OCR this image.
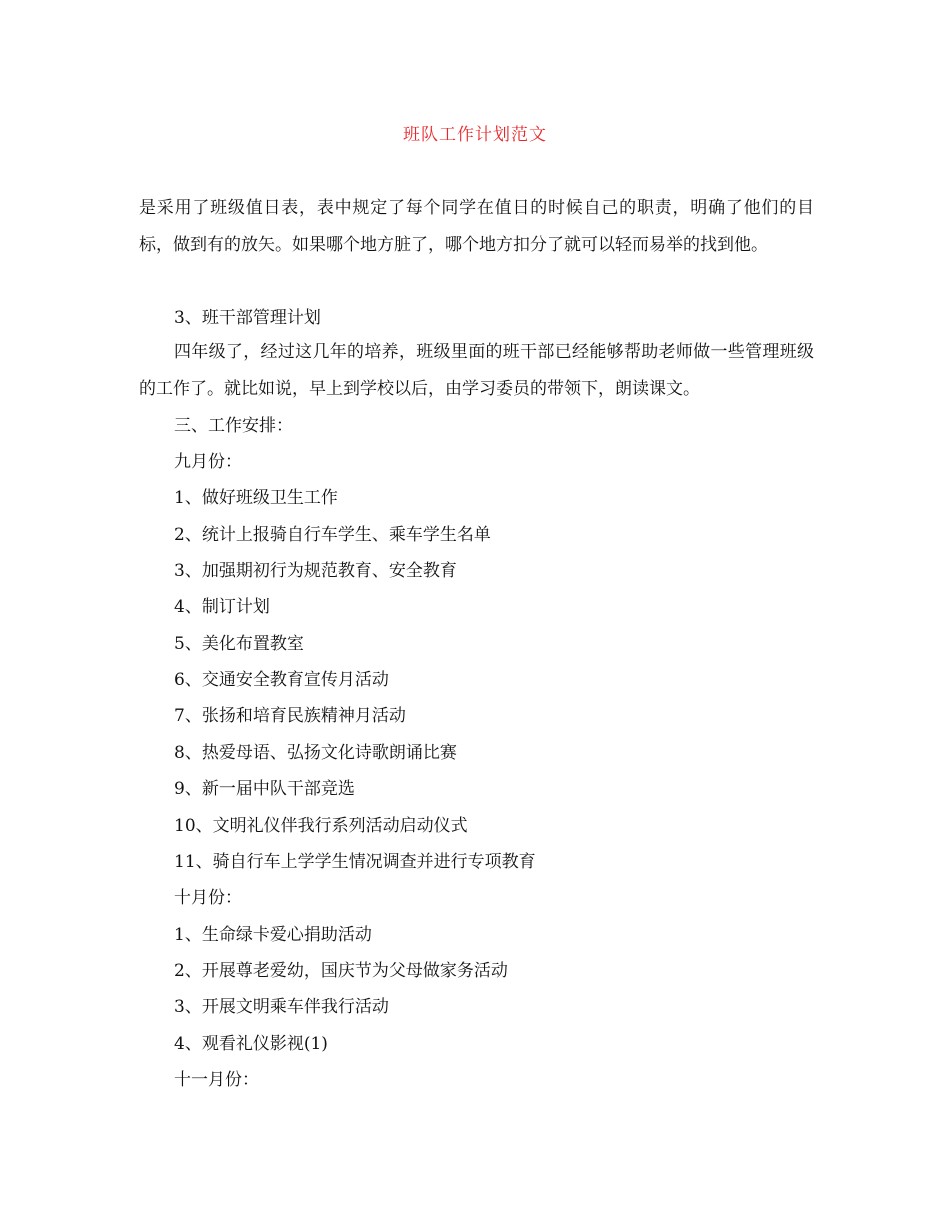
班队工作计划范文

是采用了班级值日表，表中规定了每个同学在值日的时候自己的职责，明确了他们的目标，做到有的放矢。如果哪个地方脏了，哪个地方扣分了就可以轻而易举的找到他。

3、班干部管理计划

四年级了，经过这几年的培养，班级里面的班干部已经能够帮助老师做一些管理班级的工作了。就比如说，早上到学校以后，由学习委员的带领下，朗读课文。

三、工作安排：
九月份：
1、做好班级卫生工作
2、统计上报骑自行车学生、乘车学生名单
3、加强期初行为规范教育、安全教育
4、制订计划
5、美化布置教室
6、交通安全教育宣传月活动
7、张扬和培育民族精神月活动
8、热爱母语、弘扬文化诗歌朗诵比赛
9、新一届中队干部竞选
10、文明礼仪伴我行系列活动启动仪式
11、骑自行车上学学生情况调查并进行专项教育
十月份：
1、生命绿卡爱心捐助活动
2、开展尊老爱幼，国庆节为父母做家务活动
3、开展文明乘车伴我行活动
4、观看礼仪影视(1)
十一月份：
